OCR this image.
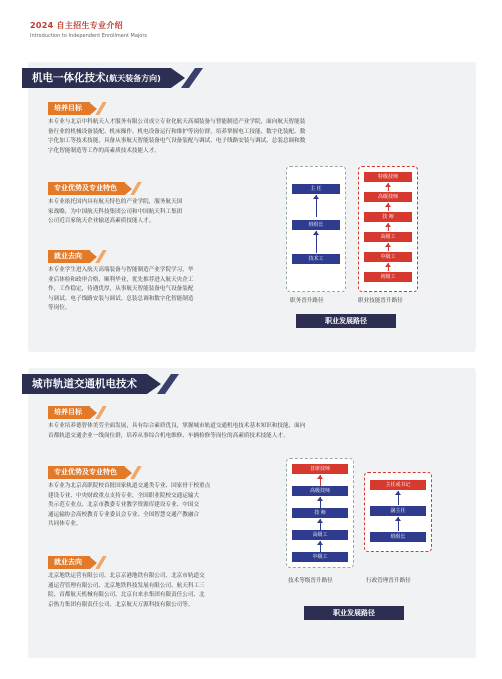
2024 自主招生专业介绍
Introduction to Independent Enrollment Majors
机电一体化技术(航天装备方向)
培养目标
本专业与北京中科航天人才服务有限公司成立专业化航天高端装备与智能制造产业学院，面向航天智能装
备行业的机械设备装配、机床操作、机电设备运行和维护等岗位群，培养掌握电工技能、数字化装配、数
字化加工等技术技能，具备从事航天智能装备电气设备装配与调试、电子线路安装与调试、总装总调和数
字化智能制造等工作的高素质技术技能人才。
专业优势及专业特色
本专业依托国内具有航天特色的产业学院，服务航天国
家战略，为中国航天科技集团公司和中国航天科工集团
公司近百家航天企业输送高素质技能人才。
就业去向
本专业学生进入航天高端装备与智能制造产业学院学习，毕
业后体检和政审合格，顺利毕业，优先推荐进入航天央企工
作，工作稳定，待遇优厚，从事航天智能装备电气设备装配
与调试、电子线路安装与调试、总装总调和数字化智能制造
等岗位。
主 任
班组长
技术工
特级技师
高级技师
技 师
高级工
中级工
初级工
职务晋升路径	职业技能晋升路径
职业发展路径
城市轨道交通机电技术
培养目标
本专业培养德智体美劳全面发展，具有综合素质优良，掌握城市轨道交通机电技术基本知识和技能，面向
首都轨道交通企业一线岗位群，培养从事综合机电维修、车辆检修等岗位的高素质技术技能人才。
专业优势及专业特色
本专业为北京高职院校首批国家轨道交通类专业、国家骨干校重点
建设专业、中央财政重点支持专业、全国职业院校交通运输大
类示范专业点、北京市教委专业教学资源库建设专业、中国交
通运输协会高校教育专业委员会专业、全国智慧交通产教融合
共同体专业。
就业去向
北京地铁运营有限公司、北京京港地铁有限公司、北京市轨道交
通运营管理有限公司、北京地铁科技发展有限公司、航天科工三
院、首都航天机械有限公司、北京自来水集团有限责任公司、北
京热力集团有限责任公司、北京航天万源科技有限公司等。
首席技师
高级技师
技 师
高级工
中级工
主任或书记
副主任
班组长
技术等级晋升路径	行政管理晋升路径
职业发展路径
